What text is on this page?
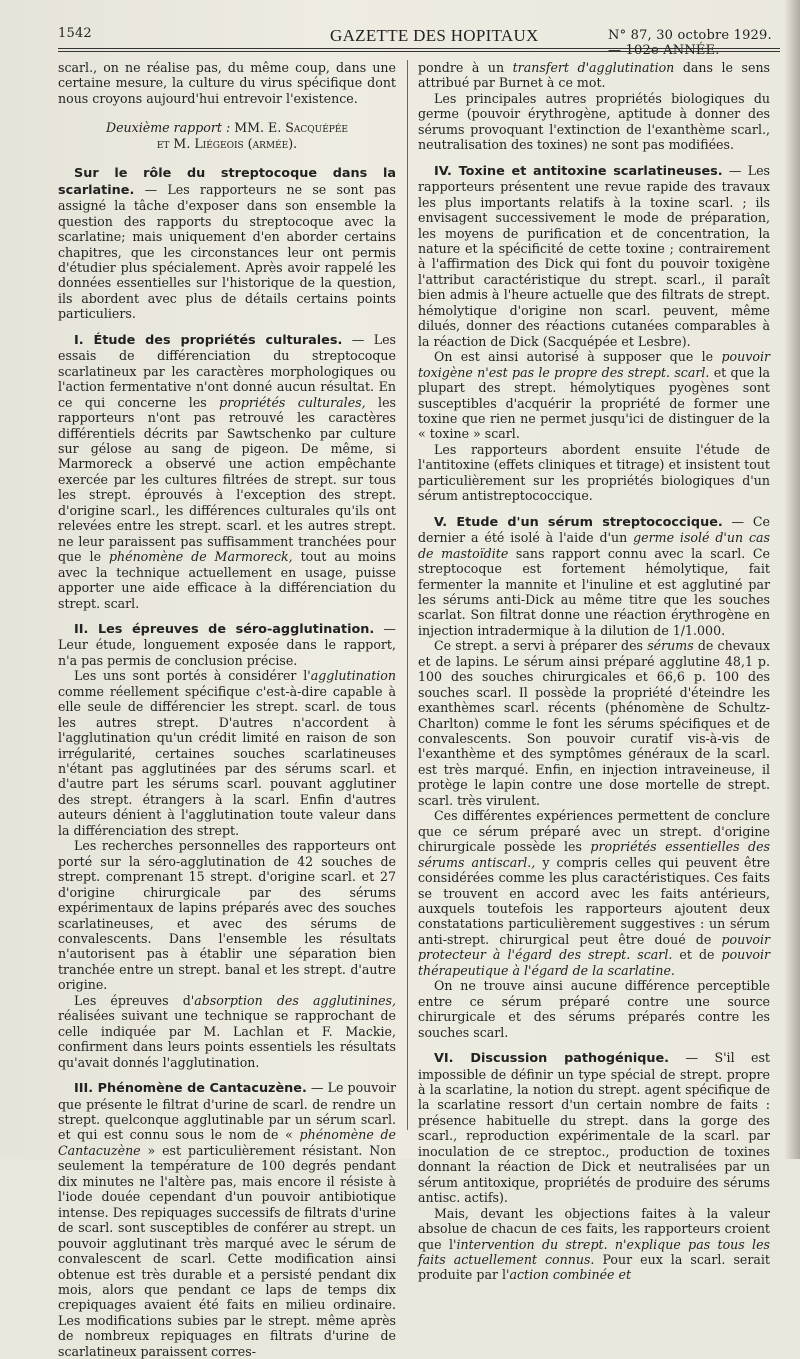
1542	GAZETTE DES HOPITAUX	N° 87, 30 octobre 1929. — 102e ANNÉE.

scarl., on ne réalise pas, du même coup, dans une certaine mesure, la culture du virus spécifique dont nous croyons aujourd'hui entrevoir l'existence.

Deuxième rapport : MM. E. Sacquépée

et M. Liégeois (armée).

Sur le rôle du streptocoque dans la scarlatine. — Les rapporteurs ne se sont pas assigné la tâche d'exposer dans son ensemble la question des rapports du streptocoque avec la scarlatine; mais uniquement d'en aborder certains chapitres, que les circonstances leur ont permis d'étudier plus spécialement. Après avoir rappelé les données essentielles sur l'historique de la question, ils abordent avec plus de détails certains points particuliers.

I. Étude des propriétés culturales. — Les essais de différenciation du streptocoque scarlatineux par les caractères morphologiques ou l'action fermentative n'ont donné aucun résultat. En ce qui concerne les propriétés culturales, les rapporteurs n'ont pas retrouvé les caractères différentiels décrits par Sawtschenko par culture sur gélose au sang de pigeon. De même, si Marmoreck a observé une action empêchante exercée par les cultures filtrées de strept. sur tous les strept. éprouvés à l'exception des strept. d'origine scarl., les différences culturales qu'ils ont relevées entre les strept. scarl. et les autres strept. ne leur paraissent pas suffisamment tranchées pour que le phénomène de Marmoreck, tout au moins avec la technique actuellement en usage, puisse apporter une aide efficace à la différenciation du strept. scarl.

II. Les épreuves de séro-agglutination. — Leur étude, longuement exposée dans le rapport, n'a pas permis de conclusion précise.

Les uns sont portés à considérer l'agglutination comme réellement spécifique c'est-à-dire capable à elle seule de différencier les strept. scarl. de tous les autres strept. D'autres n'accordent à l'agglutination qu'un crédit limité en raison de son irrégularité, certaines souches scarlatineuses n'étant pas agglutinées par des sérums scarl. et d'autre part les sérums scarl. pouvant agglutiner des strept. étrangers à la scarl. Enfin d'autres auteurs dénient à l'agglutination toute valeur dans la différenciation des strept.

Les recherches personnelles des rapporteurs ont porté sur la séro-agglutination de 42 souches de strept. comprenant 15 strept. d'origine scarl. et 27 d'origine chirurgicale par des sérums expérimentaux de lapins préparés avec des souches scarlatineuses, et avec des sérums de convalescents. Dans l'ensemble les résultats n'autorisent pas à établir une séparation bien tranchée entre un strept. banal et les strept. d'autre origine.

Les épreuves d'absorption des agglutinines, réalisées suivant une technique se rapprochant de celle indiquée par M. Lachlan et F. Mackie, confirment dans leurs points essentiels les résultats qu'avait donnés l'agglutination.

III. Phénomène de Cantacuzène. — Le pouvoir que présente le filtrat d'urine de scarl. de rendre un strept. quelconque agglutinable par un sérum scarl. et qui est connu sous le nom de « phénomène de Cantacuzène » est particulièrement résistant. Non seulement la température de 100 degrés pendant dix minutes ne l'altère pas, mais encore il résiste à l'iode douée cependant d'un pouvoir antibiotique intense. Des repiquages successifs de filtrats d'urine de scarl. sont susceptibles de conférer au strept. un pouvoir agglutinant très marqué avec le sérum de convalescent de scarl. Cette modification ainsi obtenue est très durable et a persisté pendant dix mois, alors que pendant ce laps de temps dix crepiquages avaient été faits en milieu ordinaire. Les modifications subies par le strept. même après de nombreux repiquages en filtrats d'urine de scarlatineux paraissent corres-

pondre à un transfert d'agglutination dans le sens attribué par Burnet à ce mot.

Les principales autres propriétés biologiques du germe (pouvoir érythrogène, aptitude à donner des sérums provoquant l'extinction de l'exanthème scarl., neutralisation des toxines) ne sont pas modifiées.

IV. Toxine et antitoxine scarlatineuses. — Les rapporteurs présentent une revue rapide des travaux les plus importants relatifs à la toxine scarl. ; ils envisagent successivement le mode de préparation, les moyens de purification et de concentration, la nature et la spécificité de cette toxine ; contrairement à l'affirmation des Dick qui font du pouvoir toxigène l'attribut caractéristique du strept. scarl., il paraît bien admis à l'heure actuelle que des filtrats de strept. hémolytique d'origine non scarl. peuvent, même dilués, donner des réactions cutanées comparables à la réaction de Dick (Sacquépée et Lesbre).

On est ainsi autorisé à supposer que le pouvoir toxigène n'est pas le propre des strept. scarl. et que la plupart des strept. hémolytiques pyogènes sont susceptibles d'acquérir la propriété de former une toxine que rien ne permet jusqu'ici de distinguer de la « toxine » scarl.

Les rapporteurs abordent ensuite l'étude de l'antitoxine (effets cliniques et titrage) et insistent tout particulièrement sur les propriétés biologiques d'un sérum antistreptococcique.

V. Etude d'un sérum streptococcique. — Ce dernier a été isolé à l'aide d'un germe isolé d'un cas de mastoïdite sans rapport connu avec la scarl. Ce streptocoque est fortement hémolytique, fait fermenter la mannite et l'inuline et est agglutiné par les sérums anti-Dick au même titre que les souches scarlat. Son filtrat donne une réaction érythrogène en injection intradermique à la dilution de 1/1.000.

Ce strept. a servi à préparer des sérums de chevaux et de lapins. Le sérum ainsi préparé agglutine 48,1 p. 100 des souches chirurgicales et 66,6 p. 100 des souches scarl. Il possède la propriété d'éteindre les exanthèmes scarl. récents (phénomène de Schultz-Charlton) comme le font les sérums spécifiques et de convalescents. Son pouvoir curatif vis-à-vis de l'exanthème et des symptômes généraux de la scarl. est très marqué. Enfin, en injection intraveineuse, il protège le lapin contre une dose mortelle de strept. scarl. très virulent.

Ces différentes expériences permettent de conclure que ce sérum préparé avec un strept. d'origine chirurgicale possède les propriétés essentielles des sérums antiscarl., y compris celles qui peuvent être considérées comme les plus caractéristiques. Ces faits se trouvent en accord avec les faits antérieurs, auxquels toutefois les rapporteurs ajoutent deux constatations particulièrement suggestives : un sérum anti-strept. chirurgical peut être doué de pouvoir protecteur à l'égard des strept. scarl. et de pouvoir thérapeutique à l'égard de la scarlatine.

On ne trouve ainsi aucune différence perceptible entre ce sérum préparé contre une source chirurgicale et des sérums préparés contre les souches scarl.

VI. Discussion pathogénique. — S'il est impossible de définir un type spécial de strept. propre à la scarlatine, la notion du strept. agent spécifique de la scarlatine ressort d'un certain nombre de faits : présence habituelle du strept. dans la gorge des scarl., reproduction expérimentale de la scarl. par inoculation de ce streptoc., production de toxines donnant la réaction de Dick et neutralisées par un sérum antitoxique, propriétés de produire des sérums antisc. actifs).

Mais, devant les objections faites à la valeur absolue de chacun de ces faits, les rapporteurs croient que l'intervention du strept. n'explique pas tous les faits actuellement connus. Pour eux la scarl. serait produite par l'action combinée et
